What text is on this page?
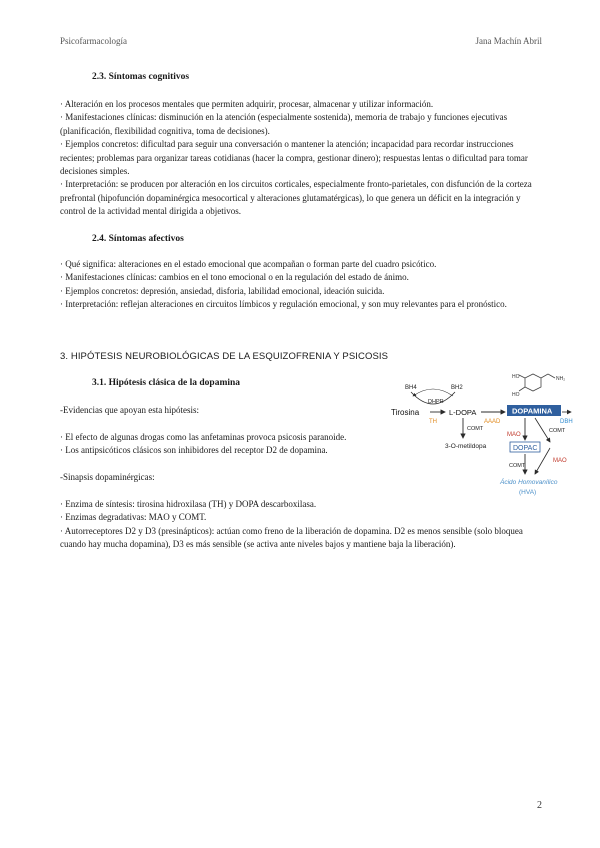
Psicofarmacología	Jana Machín Abril
2.3. Síntomas cognitivos

· Alteración en los procesos mentales que permiten adquirir, procesar, almacenar y utilizar información.

· Manifestaciones clínicas: disminución en la atención (especialmente sostenida), memoria de trabajo y funciones ejecutivas (planificación, flexibilidad cognitiva, toma de decisiones).

· Ejemplos concretos: dificultad para seguir una conversación o mantener la atención; incapacidad para recordar instrucciones recientes; problemas para organizar tareas cotidianas (hacer la compra, gestionar dinero); respuestas lentas o dificultad para tomar decisiones simples.

· Interpretación: se producen por alteración en los circuitos corticales, especialmente fronto-parietales, con disfunción de la corteza prefrontal (hipofunción dopaminérgica mesocortical y alteraciones glutamatérgicas), lo que genera un déficit en la integración y control de la actividad mental dirigida a objetivos.

2.4. Síntomas afectivos

· Qué significa: alteraciones en el estado emocional que acompañan o forman parte del cuadro psicótico.

· Manifestaciones clínicas: cambios en el tono emocional o en la regulación del estado de ánimo.

· Ejemplos concretos: depresión, ansiedad, disforia, labilidad emocional, ideación suicida.

· Interpretación: reflejan alteraciones en circuitos límbicos y regulación emocional, y son muy relevantes para el pronóstico.

3. HIPÓTESIS NEUROBIOLÓGICAS DE LA ESQUIZOFRENIA Y PSICOSIS
3.1. Hipótesis clásica de la dopamina
-Evidencias que apoyan esta hipótesis:

· El efecto de algunas drogas como las anfetaminas provoca psicosis paranoide.

· Los antipsicóticos clásicos son inhibidores del receptor D2 de dopamina.

-Sinapsis dopaminérgicas:

· Enzima de síntesis: tirosina hidroxilasa (TH) y DOPA descarboxilasa.

· Enzimas degradativas: MAO y COMT.

· Autorreceptores D2 y D3 (presinápticos): actúan como freno de la liberación de dopamina. D2 es menos sensible (solo bloquea cuando hay mucha dopamina), D3 es más sensible (se activa ante niveles bajos y mantiene baja la liberación).

HO
HO
NH₂
BH4	BH2
DHPR
Tirosina
TH
L-DOPA
AAAD
DOPAMINA
DBH
COMT
3-O-metildopa
MAO
COMT
DOPAC
COMT
MAO
Ácido Homovanílico
(HVA)
2
